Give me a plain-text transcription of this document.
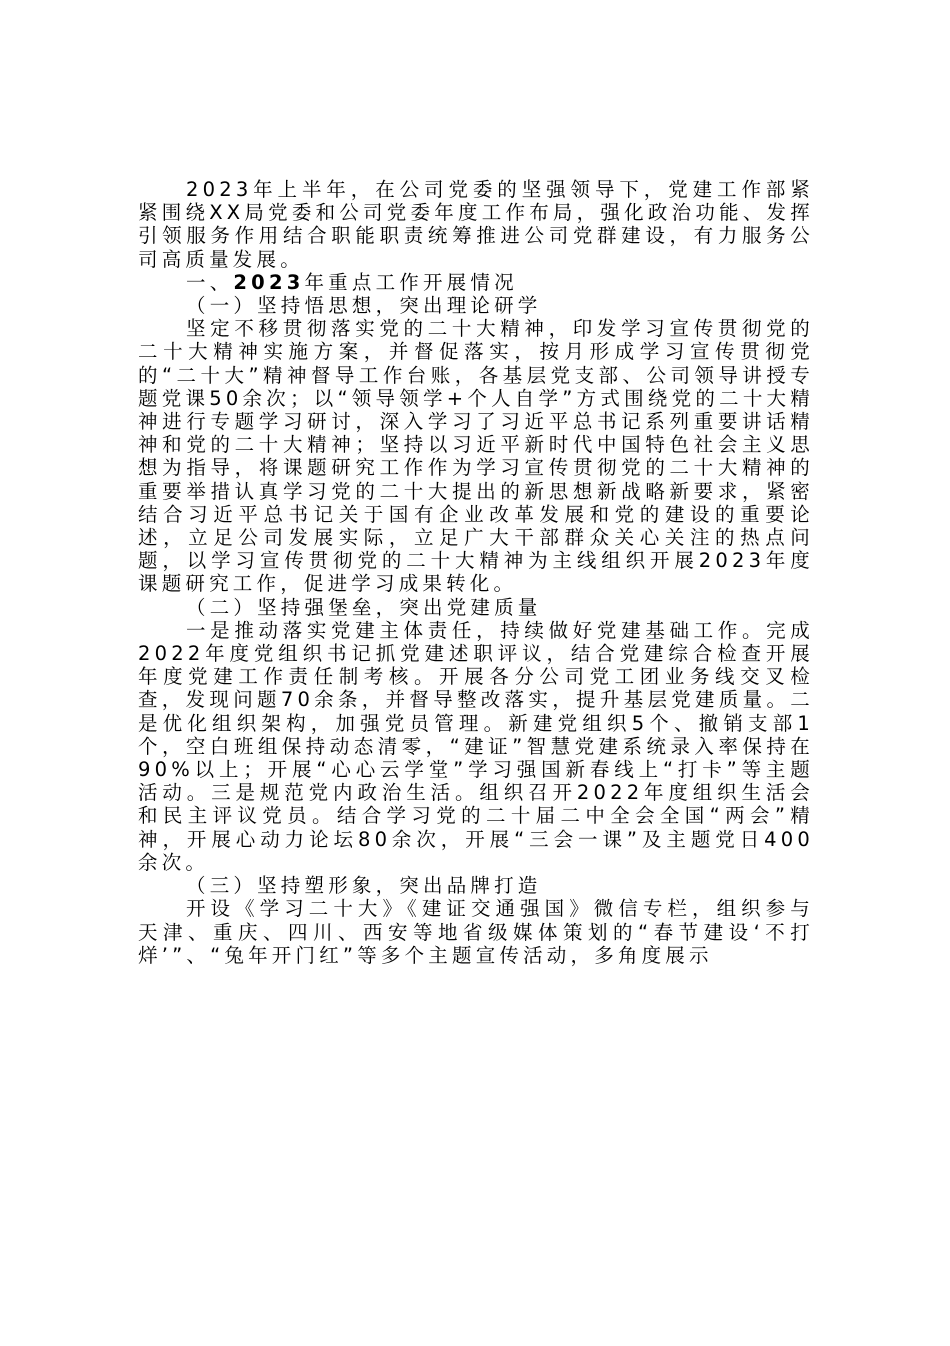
2023年上半年，在公司党委的坚强领导下，党建工作部紧紧围绕XX局党委和公司党委年度工作布局，强化政治功能、发挥引领服务作用结合职能职责统筹推进公司党群建设，有力服务公司高质量发展。

一、2023年重点工作开展情况

（一）坚持悟思想，突出理论研学

坚定不移贯彻落实党的二十大精神，印发学习宣传贯彻党的二十大精神实施方案，并督促落实，按月形成学习宣传贯彻党的“二十大”精神督导工作台账，各基层党支部、公司领导讲授专题党课50余次；以“领导领学+个人自学”方式围绕党的二十大精神进行专题学习研讨，深入学习了习近平总书记系列重要讲话精神和党的二十大精神；坚持以习近平新时代中国特色社会主义思想为指导，将课题研究工作作为学习宣传贯彻党的二十大精神的重要举措认真学习党的二十大提出的新思想新战略新要求，紧密结合习近平总书记关于国有企业改革发展和党的建设的重要论述，立足公司发展实际，立足广大干部群众关心关注的热点问题，以学习宣传贯彻党的二十大精神为主线组织开展2023年度课题研究工作，促进学习成果转化。

（二）坚持强堡垒，突出党建质量

一是推动落实党建主体责任，持续做好党建基础工作。完成2022年度党组织书记抓党建述职评议，结合党建综合检查开展年度党建工作责任制考核。开展各分公司党工团业务线交叉检查，发现问题70余条，并督导整改落实，提升基层党建质量。二是优化组织架构，加强党员管理。新建党组织5个、撤销支部1个，空白班组保持动态清零，“建证”智慧党建系统录入率保持在90%以上；开展“心心云学堂”学习强国新春线上“打卡”等主题活动。三是规范党内政治生活。组织召开2022年度组织生活会和民主评议党员。结合学习党的二十届二中全会全国“两会”精神，开展心动力论坛80余次，开展“三会一课”及主题党日400余次。

（三）坚持塑形象，突出品牌打造

开设《学习二十大》《建证交通强国》微信专栏，组织参与天津、重庆、四川、西安等地省级媒体策划的“春节建设‘不打烊’”、“兔年开门红”等多个主题宣传活动，多角度展示
